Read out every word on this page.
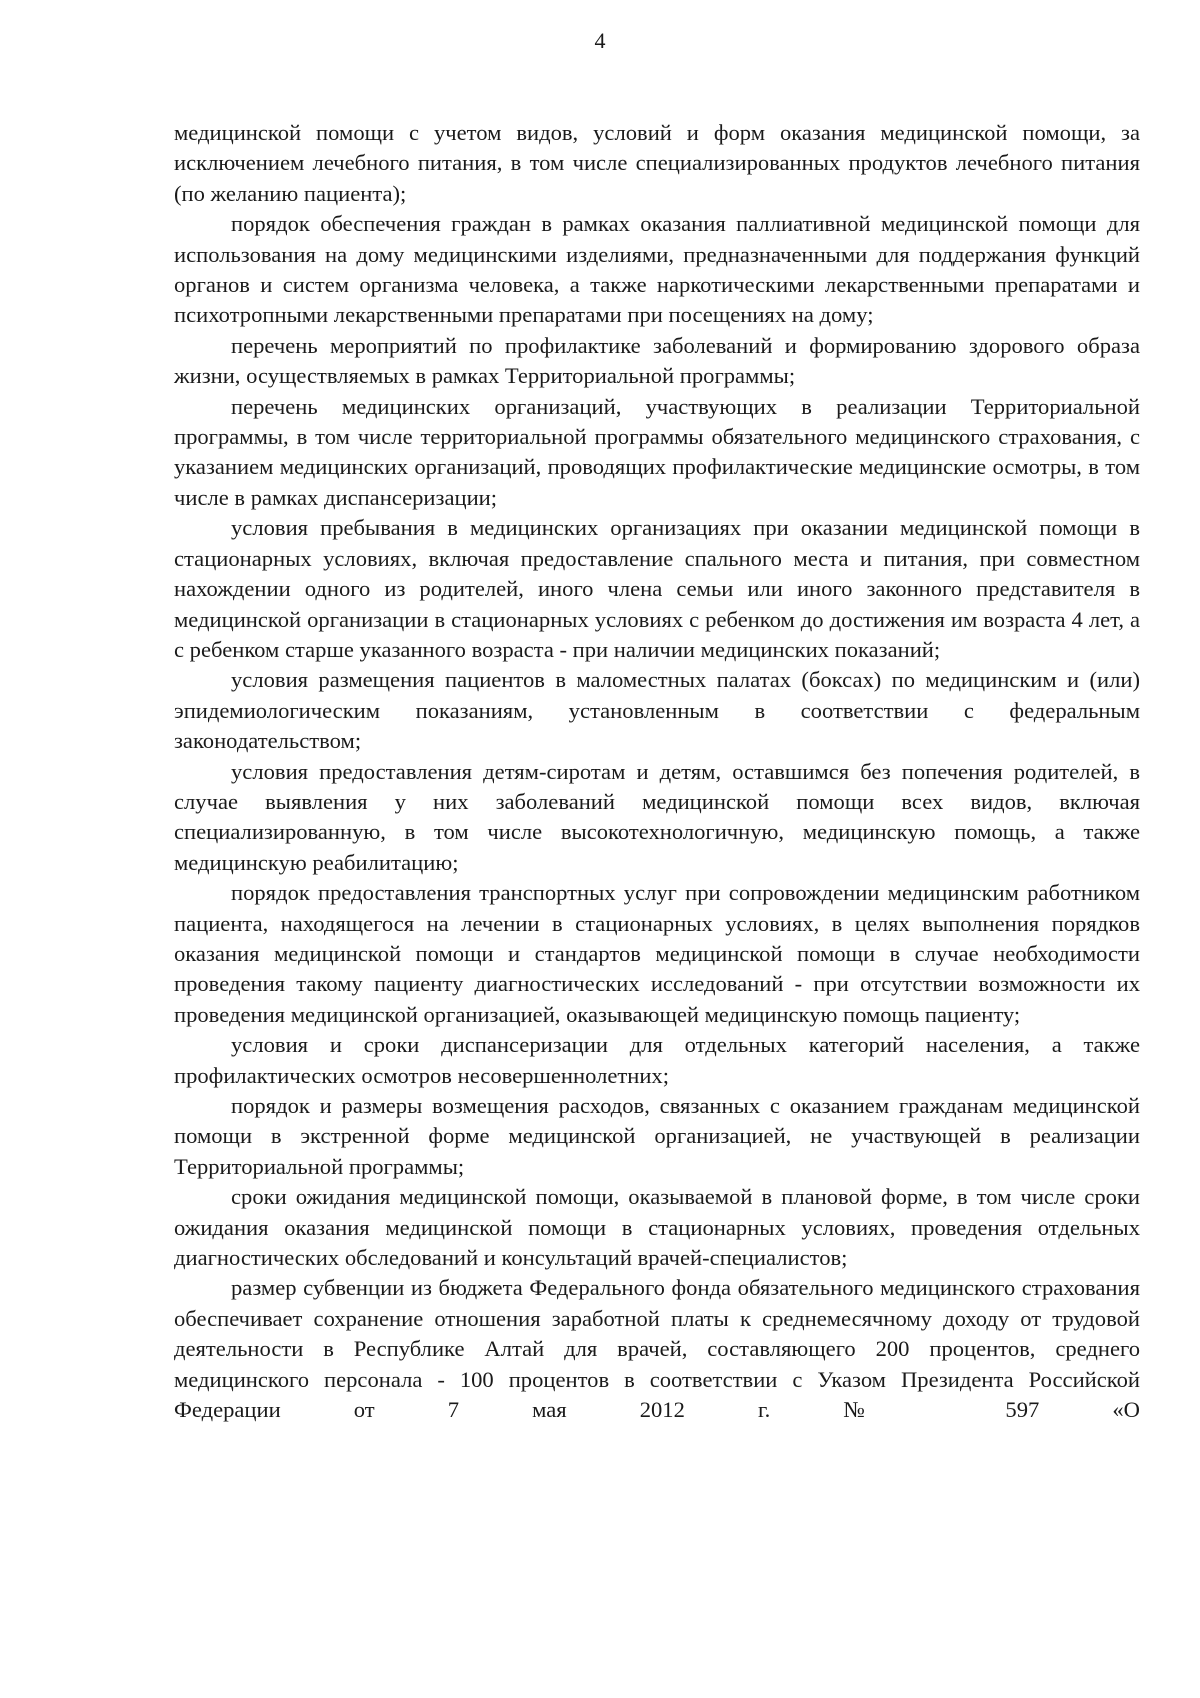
4

медицинской помощи с учетом видов, условий и форм оказания медицинской помощи, за исключением лечебного питания, в том числе специализированных продуктов лечебного питания (по желанию пациента);

порядок обеспечения граждан в рамках оказания паллиативной медицинской помощи для использования на дому медицинскими изделиями, предназначенными для поддержания функций органов и систем организма человека, а также наркотическими лекарственными препаратами и психотропными лекарственными препаратами при посещениях на дому;

перечень мероприятий по профилактике заболеваний и формированию здорового образа жизни, осуществляемых в рамках Территориальной программы;

перечень медицинских организаций, участвующих в реализации Территориальной программы, в том числе территориальной программы обязательного медицинского страхования, с указанием медицинских организаций, проводящих профилактические медицинские осмотры, в том числе в рамках диспансеризации;

условия пребывания в медицинских организациях при оказании медицинской помощи в стационарных условиях, включая предоставление спального места и питания, при совместном нахождении одного из родителей, иного члена семьи или иного законного представителя в медицинской организации в стационарных условиях с ребенком до достижения им возраста 4 лет, а с ребенком старше указанного возраста - при наличии медицинских показаний;

условия размещения пациентов в маломестных палатах (боксах) по медицинским и (или) эпидемиологическим показаниям, установленным в соответствии с федеральным законодательством;

условия предоставления детям-сиротам и детям, оставшимся без попечения родителей, в случае выявления у них заболеваний медицинской помощи всех видов, включая специализированную, в том числе высокотехнологичную, медицинскую помощь, а также медицинскую реабилитацию;

порядок предоставления транспортных услуг при сопровождении медицинским работником пациента, находящегося на лечении в стационарных условиях, в целях выполнения порядков оказания медицинской помощи и стандартов медицинской помощи в случае необходимости проведения такому пациенту диагностических исследований - при отсутствии возможности их проведения медицинской организацией, оказывающей медицинскую помощь пациенту;

условия и сроки диспансеризации для отдельных категорий населения, а также профилактических осмотров несовершеннолетних;

порядок и размеры возмещения расходов, связанных с оказанием гражданам медицинской помощи в экстренной форме медицинской организацией, не участвующей в реализации Территориальной программы;

сроки ожидания медицинской помощи, оказываемой в плановой форме, в том числе сроки ожидания оказания медицинской помощи в стационарных условиях, проведения отдельных диагностических обследований и консультаций врачей-специалистов;

размер субвенции из бюджета Федерального фонда обязательного медицинского страхования обеспечивает сохранение отношения заработной платы к среднемесячному доходу от трудовой деятельности в Республике Алтай для врачей, составляющего 200 процентов, среднего медицинского персонала - 100 процентов в соответствии с Указом Президента Российской Федерации от 7 мая 2012 г. № 597 «О
